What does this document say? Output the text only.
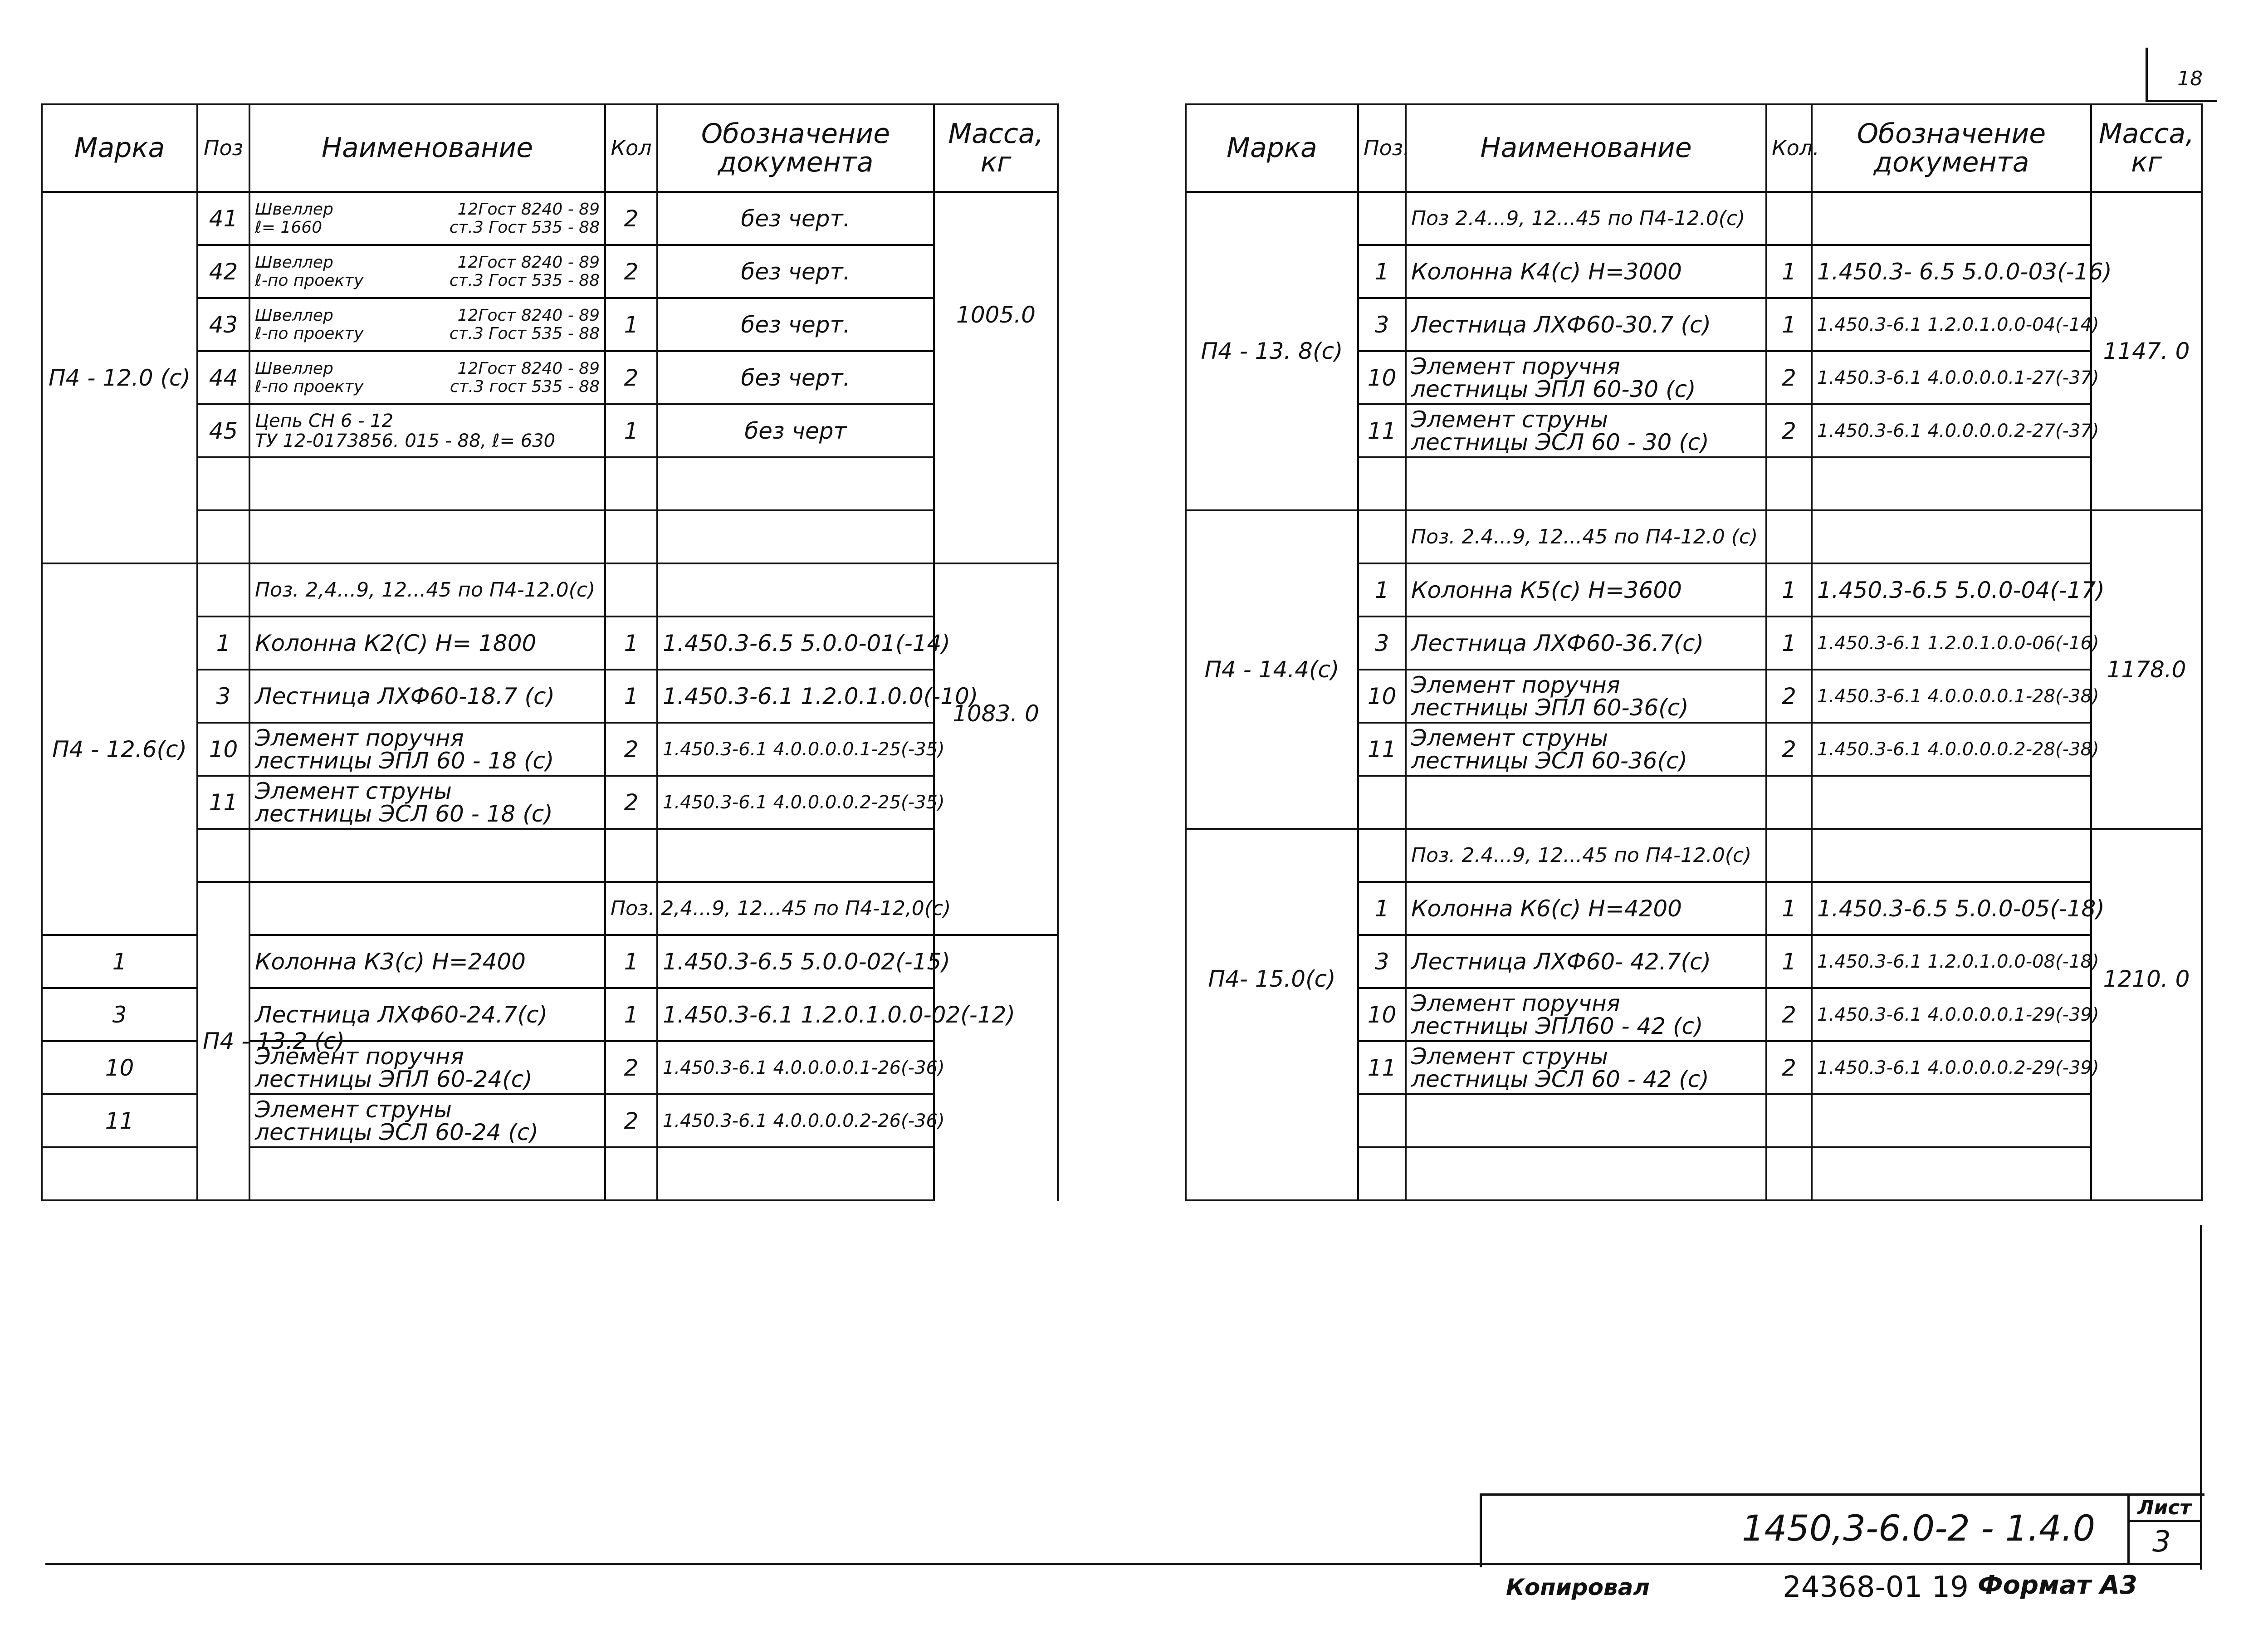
18
Марка	Поз	Наименование	Кол	Обозначение
документа	Масса,
кг	

П4 - 12.0 (с)	41	Швеллер 12Гост 8240 - 89
ℓ= 1660 ст.3 Гост 535 - 88	2	без черт.	1005.0	
	42	Швеллер 12Гост 8240 - 89
ℓ-по проекту ст.3 Гост 535 - 88	2	без черт.		
	43	Швеллер 12Гост 8240 - 89
ℓ-по проекту ст.3 Гост 535 - 88	1	без черт.		
	44	Швеллер 12Гост 8240 - 89
ℓ-по проекту ст.3 гост 535 - 88	2	без черт.		
	45	Цепь СН 6 - 12
ТУ 12-0173856. 015 - 88, ℓ= 630	1	без черт		

П4 - 12.6(с)		Поз. 2,4...9, 12...45 по П4-12.0(с)			1083. 0	
	1	Колонна К2(С) Н= 1800	1	1.450.3-6.5 5.0.0-01(-14)		
	3	Лестница ЛХФ60-18.7 (с)	1	1.450.3-6.1 1.2.0.1.0.0(-10)		
	10	Элемент поручня
лестницы ЭПЛ 60 - 18 (с)	2	1.450.3-6.1 4.0.0.0.0.1-25(-35)		
	11	Элемент струны
лестницы ЭСЛ 60 - 18 (с)	2	1.450.3-6.1 4.0.0.0.0.2-25(-35)		

	П4 - 13.2 (с)		Поз. 2,4...9, 12...45 по П4-12,0(с)			
1		Колонна К3(с) Н=2400	1	1.450.3-6.5 5.0.0-02(-15)		
3		Лестница ЛХФ60-24.7(с)	1	1.450.3-6.1 1.2.0.1.0.0-02(-12)		
10		Элемент поручня
лестницы ЭПЛ 60-24(с)	2	1.450.3-6.1 4.0.0.0.0.1-26(-36)		
11		Элемент струны
лестницы ЭСЛ 60-24 (с)	2	1.450.3-6.1 4.0.0.0.0.2-26(-36)		

Марка	Поз.	Наименование	Кол.	Обозначение
документа	Масса,
кг

П4 - 13. 8(с)		Поз 2.4...9, 12...45 по П4-12.0(с)			1147. 0
	1	Колонна К4(с) Н=3000	1	1.450.3- 6.5 5.0.0-03(-16)	
	3	Лестница ЛХФ60-30.7 (с)	1	1.450.3-6.1 1.2.0.1.0.0-04(-14)	
	10	Элемент поручня
лестницы ЭПЛ 60-30 (с)	2	1.450.3-6.1 4.0.0.0.0.1-27(-37)	
	11	Элемент струны
лестницы ЭСЛ 60 - 30 (с)	2	1.450.3-6.1 4.0.0.0.0.2-27(-37)	

П4 - 14.4(с)		Поз. 2.4...9, 12...45 по П4-12.0 (с)			1178.0
	1	Колонна К5(с) Н=3600	1	1.450.3-6.5 5.0.0-04(-17)	
	3	Лестница ЛХФ60-36.7(с)	1	1.450.3-6.1 1.2.0.1.0.0-06(-16)	
	10	Элемент поручня
лестницы ЭПЛ 60-36(с)	2	1.450.3-6.1 4.0.0.0.0.1-28(-38)	
	11	Элемент струны
лестницы ЭСЛ 60-36(с)	2	1.450.3-6.1 4.0.0.0.0.2-28(-38)	

П4- 15.0(с)		Поз. 2.4...9, 12...45 по П4-12.0(с)			1210. 0
	1	Колонна К6(с) Н=4200	1	1.450.3-6.5 5.0.0-05(-18)	
	3	Лестница ЛХФ60- 42.7(с)	1	1.450.3-6.1 1.2.0.1.0.0-08(-18)	
	10	Элемент поручня
лестницы ЭПЛ60 - 42 (с)	2	1.450.3-6.1 4.0.0.0.0.1-29(-39)	
	11	Элемент струны
лестницы ЭСЛ 60 - 42 (с)	2	1.450.3-6.1 4.0.0.0.0.2-29(-39)	

1450,3-6.0-2 - 1.4.0
Лист
3
Копировал	24368-01 19 Формат А3
